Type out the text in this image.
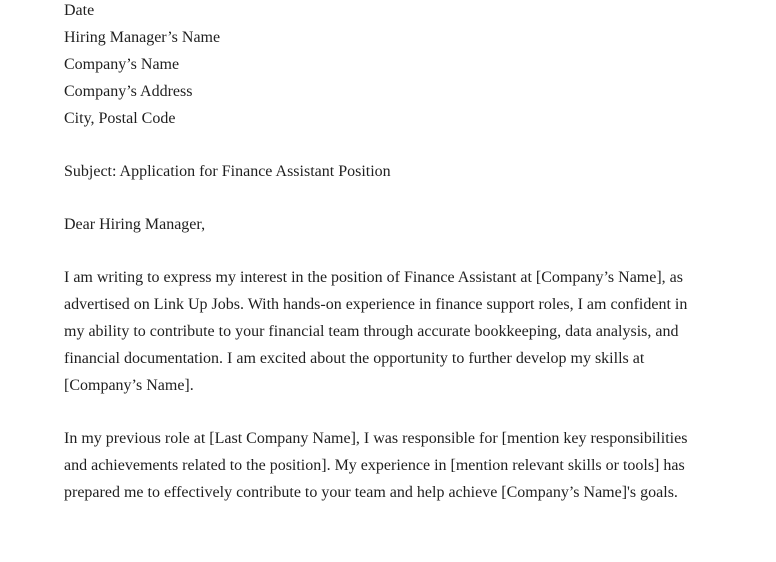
Date

Hiring Manager’s Name

Company’s Name

Company’s Address

City, Postal Code

Subject: Application for Finance Assistant Position

Dear Hiring Manager,

I am writing to express my interest in the position of Finance Assistant at [Company’s Name], as advertised on Link Up Jobs. With hands-on experience in finance support roles, I am confident in my ability to contribute to your financial team through accurate bookkeeping, data analysis, and financial documentation. I am excited about the opportunity to further develop my skills at [Company’s Name].

In my previous role at [Last Company Name], I was responsible for [mention key responsibilities and achievements related to the position]. My experience in [mention relevant skills or tools] has prepared me to effectively contribute to your team and help achieve [Company’s Name]'s goals.
